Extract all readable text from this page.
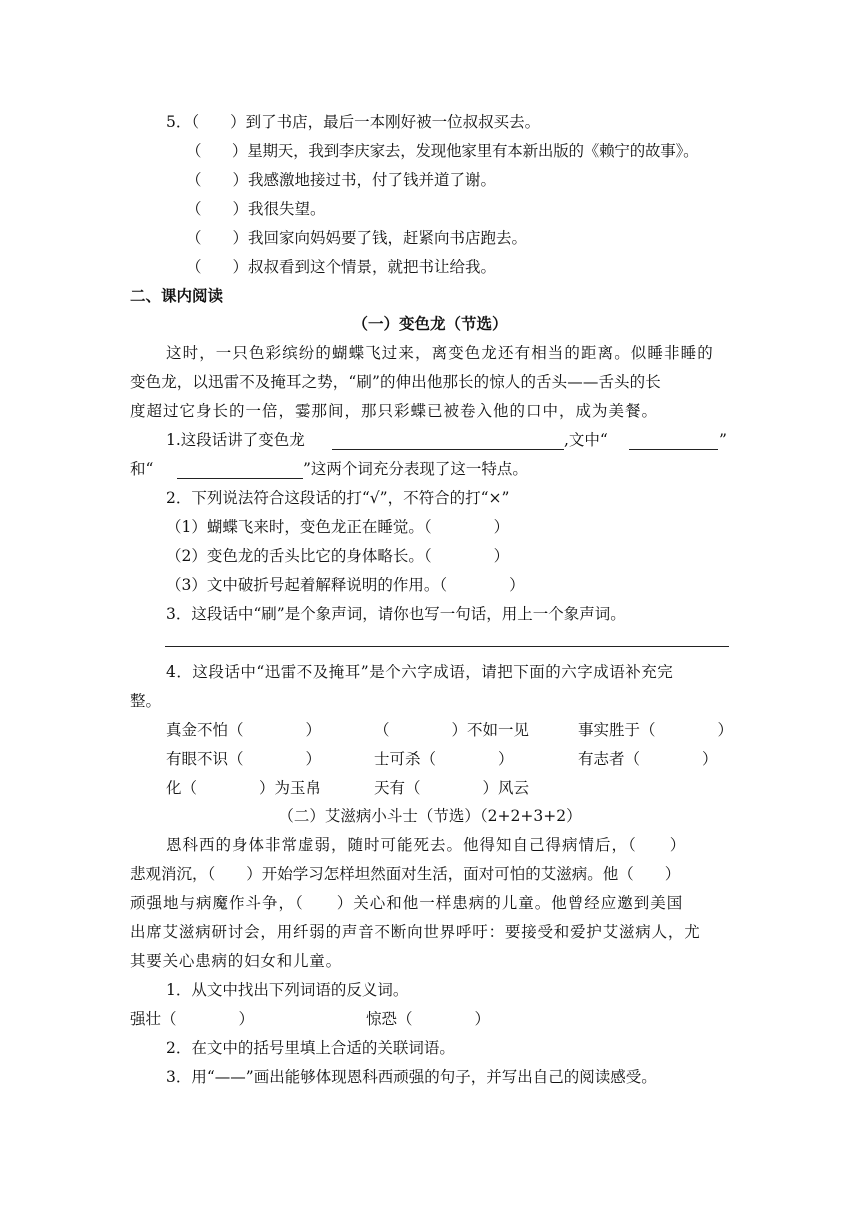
5．（　　）到了书店，最后一本刚好被一位叔叔买去。
（　　）星期天，我到李庆家去，发现他家里有本新出版的《赖宁的故事》。
（　　）我感激地接过书，付了钱并道了谢。
（　　）我很失望。
（　　）我回家向妈妈要了钱，赶紧向书店跑去。
（　　）叔叔看到这个情景，就把书让给我。
二、课内阅读
（一）变色龙（节选）
这时，一只色彩缤纷的蝴蝶飞过来，离变色龙还有相当的距离。似睡非睡的
变色龙，以迅雷不及掩耳之势，“刷”的伸出他那长的惊人的舌头——舌头的长
度超过它身长的一倍，霎那间，那只彩蝶已被卷入他的口中，成为美餐。
1.这段话讲了变色龙	,文中“	”
和“	”这两个词充分表现了这一特点。
2．下列说法符合这段话的打“√”，不符合的打“×”
（1）蝴蝶飞来时，变色龙正在睡觉。（　　　　）
（2）变色龙的舌头比它的身体略长。（　　　　）
（3）文中破折号起着解释说明的作用。（　　　　）
3．这段话中“刷”是个象声词，请你也写一句话，用上一个象声词。
4．这段话中“迅雷不及掩耳”是个六字成语，请把下面的六字成语补充完
整。
真金不怕（　　　　）	（　　　　）不如一见	事实胜于（　　　　）
有眼不识（　　　　）	士可杀（　　　　）	有志者（　　　　）
化（　　　　）为玉帛	天有（　　　　）风云
（二）艾滋病小斗士（节选）（2+2+3+2）
恩科西的身体非常虚弱，随时可能死去。他得知自己得病情后，（　　）
悲观消沉，（　　）开始学习怎样坦然面对生活，面对可怕的艾滋病。他（　　）
顽强地与病魔作斗争，（　　）关心和他一样患病的儿童。他曾经应邀到美国
出席艾滋病研讨会，用纤弱的声音不断向世界呼吁：要接受和爱护艾滋病人，尤
其要关心患病的妇女和儿童。
1．从文中找出下列词语的反义词。
强壮（　　　　）	惊恐（　　　　）
2．在文中的括号里填上合适的关联词语。
3．用“——”画出能够体现恩科西顽强的句子，并写出自己的阅读感受。
